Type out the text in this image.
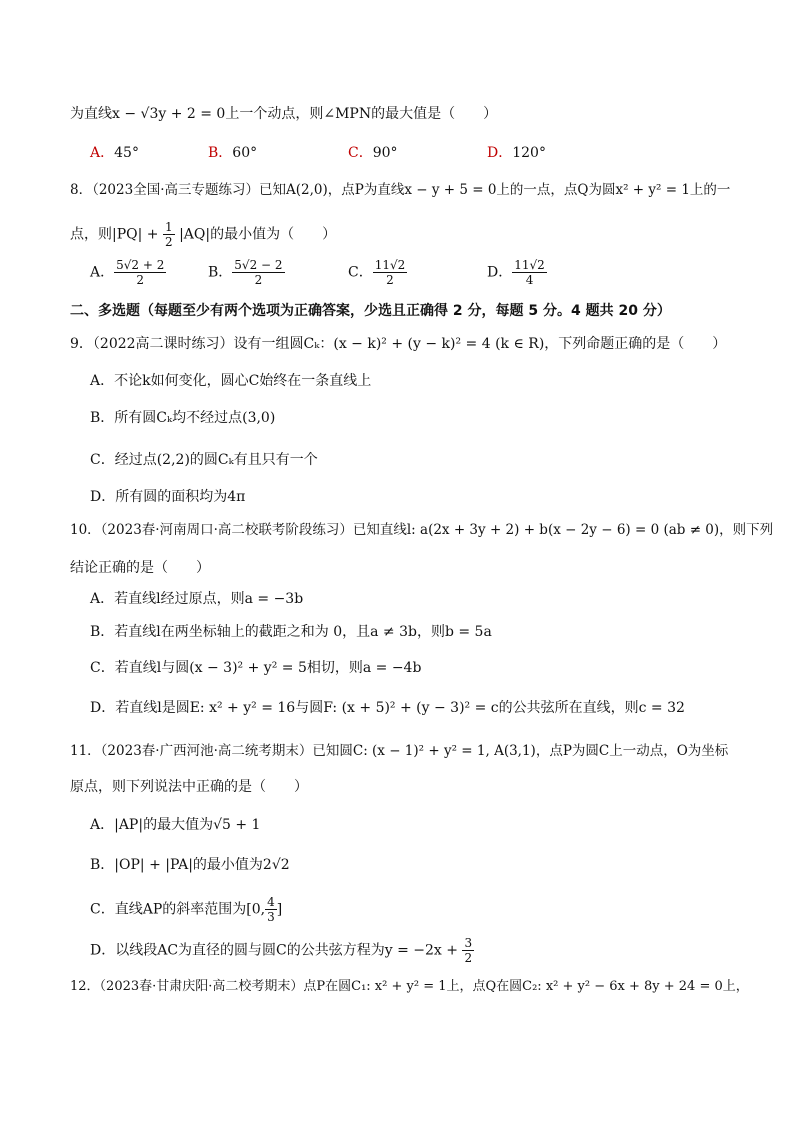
为直线x − √3y + 2 = 0上一个动点，则∠MPN的最大值是（　　）
A．45°	B．60°	C．90°	D．120°
8．（2023全国·高三专题练习）已知A(2,0)，点P为直线x − y + 5 = 0上的一点，点Q为圆x² + y² = 1上的一
点，则$|PQ| + \frac{1}{2} |AQ|$的最小值为（　　）
A． $\frac{5√2 + 2}{2}$	B． $\frac{5√2 - 2}{2}$	C． $\frac{11√2}{2}$	D． $\frac{11√2}{4}$
二、多选题（每题至少有两个选项为正确答案，少选且正确得 2 分，每题 5 分。4 题共 20 分）
9．（2022高二课时练习）设有一组圆Cₖ：(x − k)² + (y − k)² = 4 (k ∈ R)，下列命题正确的是（　　）
A．不论k如何变化，圆心C始终在一条直线上
B．所有圆Cₖ均不经过点(3,0)
C．经过点(2,2)的圆Cₖ有且只有一个
D．所有圆的面积均为4π
10．（2023春·河南周口·高二校联考阶段练习）已知直线l: a(2x + 3y + 2) + b(x − 2y − 6) = 0 (ab ≠ 0)，则下列
结论正确的是（　　）
A．若直线l经过原点，则a = −3b
B．若直线l在两坐标轴上的截距之和为 0，且a ≠ 3b，则b = 5a
C．若直线l与圆(x − 3)² + y² = 5相切，则a = −4b
D．若直线l是圆E: x² + y² = 16与圆F: (x + 5)² + (y − 3)² = c的公共弦所在直线，则c = 32
11．（2023春·广西河池·高二统考期末）已知圆C: (x − 1)² + y² = 1, A(3,1)，点P为圆C上一动点，O为坐标
原点，则下列说法中正确的是（　　）
A．|AP|的最大值为√5 + 1
B．|OP| + |PA|的最小值为2√2
C．直线AP的斜率范围为[0, $\frac{4}{3}$ ]
D．以线段AC为直径的圆与圆C的公共弦方程为$y = -2x + \frac{3}{2}$
12．（2023春·甘肃庆阳·高二校考期末）点P在圆C₁: x² + y² = 1上，点Q在圆C₂: x² + y² − 6x + 8y + 24 = 0上，
